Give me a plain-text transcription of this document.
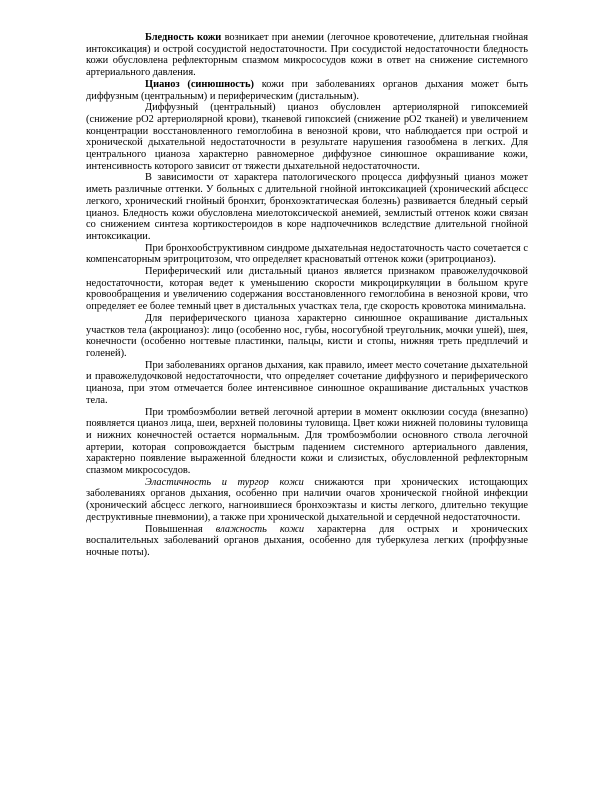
Бледность кожи возникает при анемии (легочное кровотечение, длительная гнойная интоксикация) и острой сосудистой недостаточности. При сосудистой недостаточности бледность кожи обусловлена рефлекторным спазмом микрососудов кожи в ответ на снижение системного артериального давления.

Цианоз (синюшность) кожи при заболеваниях органов дыхания может быть диффузным (центральным) и периферическим (дистальным).

Диффузный (центральный) цианоз обусловлен артериолярной гипоксемией (снижение рО2 артериолярной крови), тканевой гипоксией (снижение рО2 тканей) и увеличением концентрации восстановленного гемоглобина в венозной крови, что наблюдается при острой и хронической дыхательной недостаточности в результате нарушения газообмена в легких. Для центрального цианоза характерно равномерное диффузное синюшное окрашивание кожи, интенсивность которого зависит от тяжести дыхательной недостаточности.

В зависимости от характера патологического процесса диффузный цианоз может иметь различные оттенки. У больных с длительной гнойной интоксикацией (хронический абсцесс легкого, хронический гнойный бронхит, бронхоэктатическая болезнь) развивается бледный серый цианоз. Бледность кожи обусловлена миелотоксической анемией, землистый оттенок кожи связан со снижением синтеза кортикостероидов в коре надпочечников вследствие длительной гнойной интоксикации.

При бронхообструктивном синдроме дыхательная недостаточность часто сочетается с компенсаторным эритроцитозом, что определяет красноватый оттенок кожи (эритроцианоз).

Периферический или дистальный цианоз является признаком правожелудочковой недостаточности, которая ведет к уменьшению скорости микроциркуляции в большом круге кровообращения и увеличению содержания восстановленного гемоглобина в венозной крови, что определяет ее более темный цвет в дистальных участках тела, где скорость кровотока минимальна.

Для периферического цианоза характерно синюшное окрашивание дистальных участков тела (акроцианоз): лицо (особенно нос, губы, носогубной треугольник, мочки ушей), шея, конечности (особенно ногтевые пластинки, пальцы, кисти и стопы, нижняя треть предплечий и голеней).

При заболеваниях органов дыхания, как правило, имеет место сочетание дыхательной и правожелудочковой недостаточности, что определяет сочетание диффузного и периферического цианоза, при этом отмечается более интенсивное синюшное окрашивание дистальных участков тела.

При тромбоэмболии ветвей легочной артерии в момент окклюзии сосуда (внезапно) появляется цианоз лица, шеи, верхней половины туловища. Цвет кожи нижней половины туловища и нижних конечностей остается нормальным. Для тромбоэмболии основного ствола легочной артерии, которая сопровождается быстрым падением системного артериального давления, характерно появление выраженной бледности кожи и слизистых, обусловленной рефлекторным спазмом микрососудов.

Эластичность и тургор кожи снижаются при хронических истощающих заболеваниях органов дыхания, особенно при наличии очагов хронической гнойной инфекции (хронический абсцесс легкого, нагноившиеся бронхоэктазы и кисты легкого, длительно текущие деструктивные пневмонии), а также при хронической дыхательной и сердечной недостаточности.

Повышенная влажность кожи характерна для острых и хронических воспалительных заболеваний органов дыхания, особенно для туберкулеза легких (проффузные ночные поты).
